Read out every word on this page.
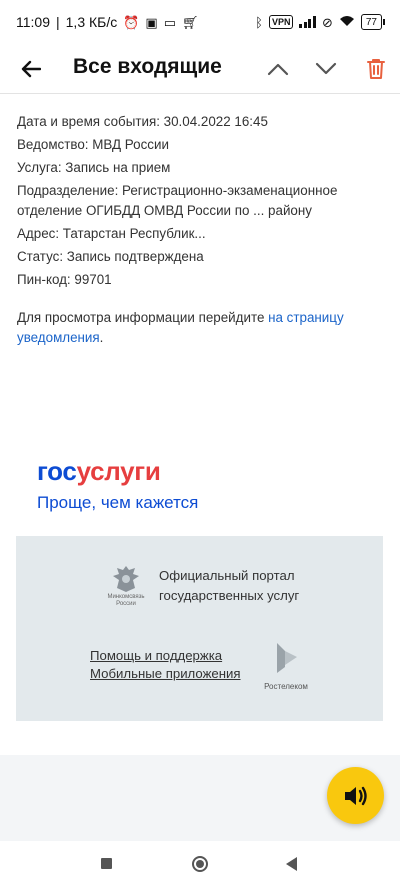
11:09 | 1,3 КБ/с ⏰ ▣ ▭ 🛒︎	ᛒ	VPN ⊘	77
Все входящие
Дата и время события: 30.04.2022 16:45
Ведомство: МВД России
Услуга: Запись на прием
Подразделение: Регистрационно-экзаменационное отделение ОГИБДД ОМВД России по ... району
Адрес: Татарстан Республик...
Статус: Запись подтверждена
Пин-код: 99701
Для просмотра информации перейдите на страницу уведомления.
госуслуги
Проще, чем кажется
Минкомсвязь России
Официальный портал
государственных услуг
Помощь и поддержка
Мобильные приложения
Ростелеком
